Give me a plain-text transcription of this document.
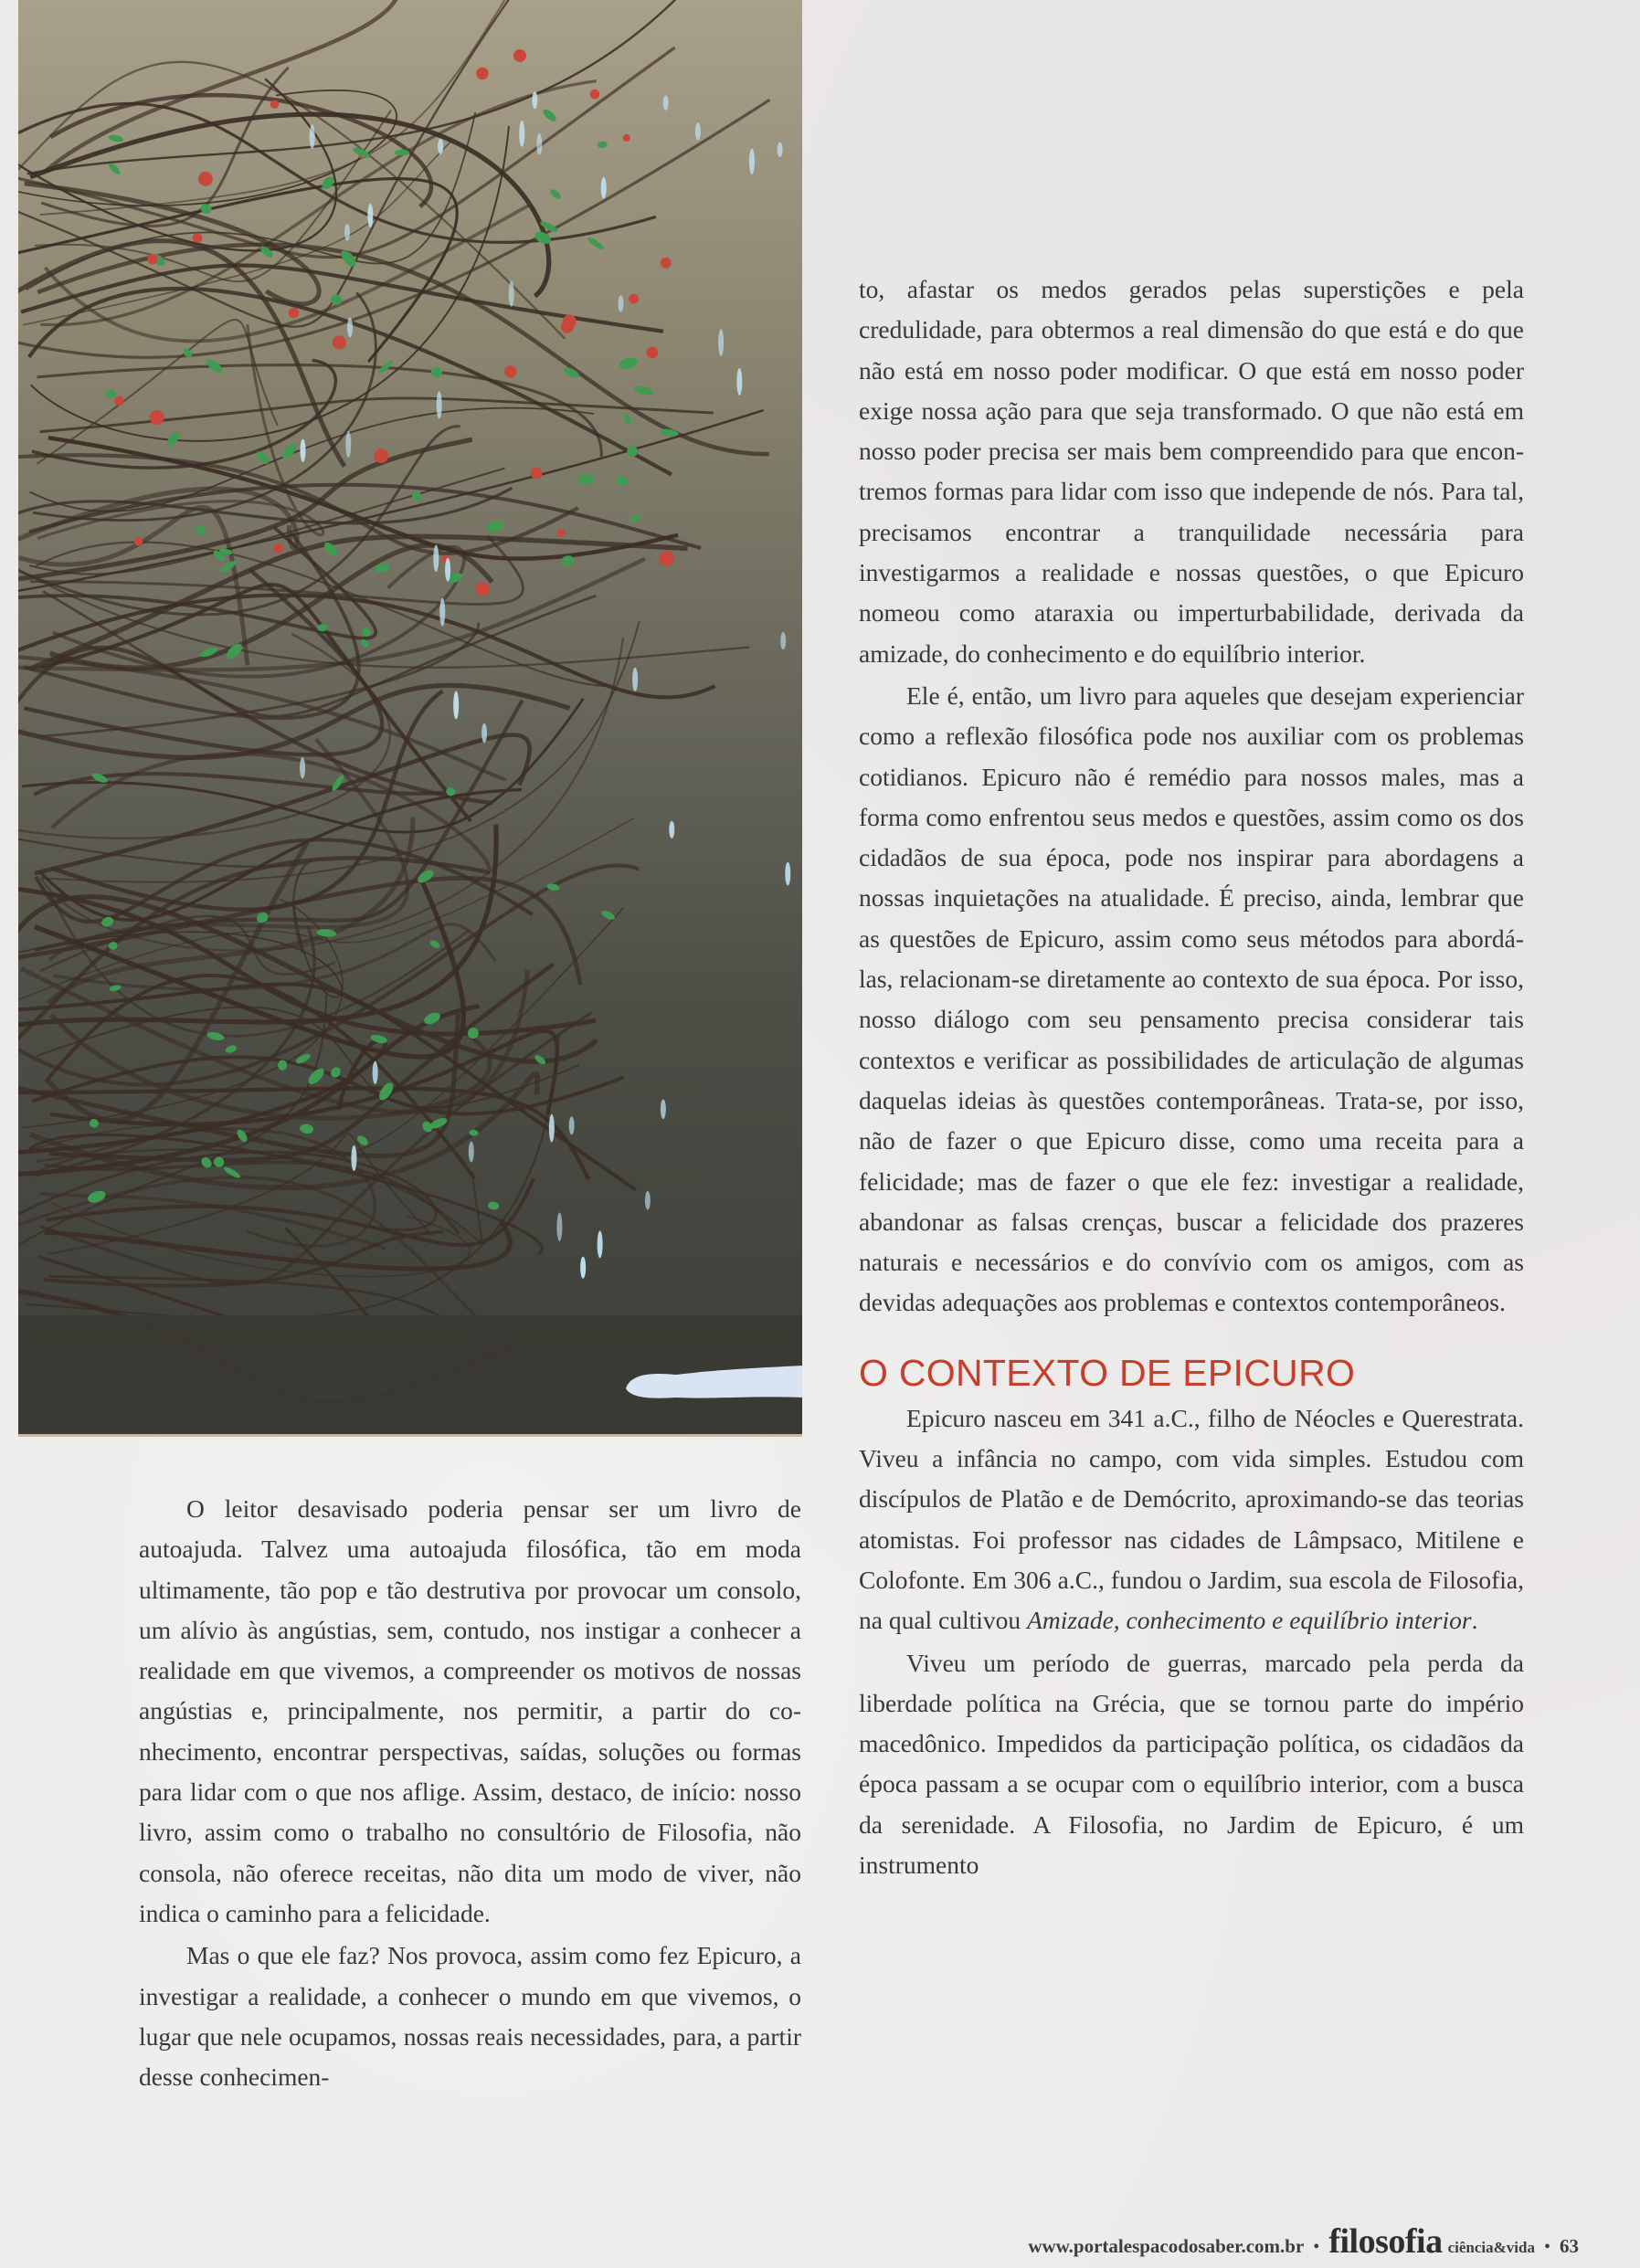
O leitor desavisado poderia pensar ser um livro de autoajuda. Talvez uma autoajuda filosófica, tão em moda ultimamente, tão pop e tão destrutiva por provocar um consolo, um alívio às angústias, sem, contudo, nos instigar a conhecer a realidade em que vivemos, a compreender os motivos de nossas angústias e, principalmente, nos permitir, a partir do conhecimento, encontrar perspectivas, saídas, soluções ou formas para lidar com o que nos aflige. Assim, destaco, de início: nosso livro, assim como o trabalho no consultório de Filosofia, não consola, não oferece receitas, não dita um modo de viver, não indica o caminho para a felicidade.

Mas o que ele faz? Nos provoca, assim como fez Epicuro, a investigar a realidade, a conhecer o mundo em que vivemos, o lugar que nele ocupamos, nossas reais necessidades, para, a partir desse conhecimen-

to, afastar os medos gerados pelas superstições e pela credulidade, para obtermos a real dimensão do que está e do que não está em nosso poder modificar. O que está em nosso poder exige nossa ação para que seja transformado. O que não está em nosso poder precisa ser mais bem compreendido para que encontremos formas para lidar com isso que independe de nós. Para tal, precisamos encontrar a tranquilidade necessária para investigarmos a realidade e nossas questões, o que Epicuro nomeou como ataraxia ou imperturbabilidade, derivada da amizade, do conhecimento e do equilíbrio interior.

Ele é, então, um livro para aqueles que desejam experienciar como a reflexão filosófica pode nos auxiliar com os problemas cotidianos. Epicuro não é remédio para nossos males, mas a forma como enfrentou seus medos e questões, assim como os dos cidadãos de sua época, pode nos inspirar para abordagens a nossas inquietações na atualidade. É preciso, ainda, lembrar que as questões de Epicuro, assim como seus métodos para abordá-las, relacionam-se diretamente ao contexto de sua época. Por isso, nosso diálogo com seu pensamento precisa considerar tais contextos e verificar as possibilidades de articulação de algumas daquelas ideias às questões contemporâneas. Trata-se, por isso, não de fazer o que Epicuro disse, como uma receita para a felicidade; mas de fazer o que ele fez: investigar a realidade, abandonar as falsas crenças, buscar a felicidade dos prazeres naturais e necessários e do convívio com os amigos, com as devidas adequações aos problemas e contextos contemporâneos.

O CONTEXTO DE EPICURO

Epicuro nasceu em 341 a.C., filho de Néocles e Querestrata. Viveu a infância no campo, com vida simples. Estudou com discípulos de Platão e de Demócrito, aproximando-se das teorias atomistas. Foi professor nas cidades de Lâmpsaco, Mitilene e Colofonte. Em 306 a.C., fundou o Jardim, sua escola de Filosofia, na qual cultivou Amizade, conhecimento e equilíbrio interior.

Viveu um período de guerras, marcado pela perda da liberdade política na Grécia, que se tornou parte do império macedônico. Impedidos da participação política, os cidadãos da época passam a se ocupar com o equilíbrio interior, com a busca da serenidade. A Filosofia, no Jardim de Epicuro, é um instrumento

www.portalespacodosaber.com.br • filosofia ciência&vida • 63
